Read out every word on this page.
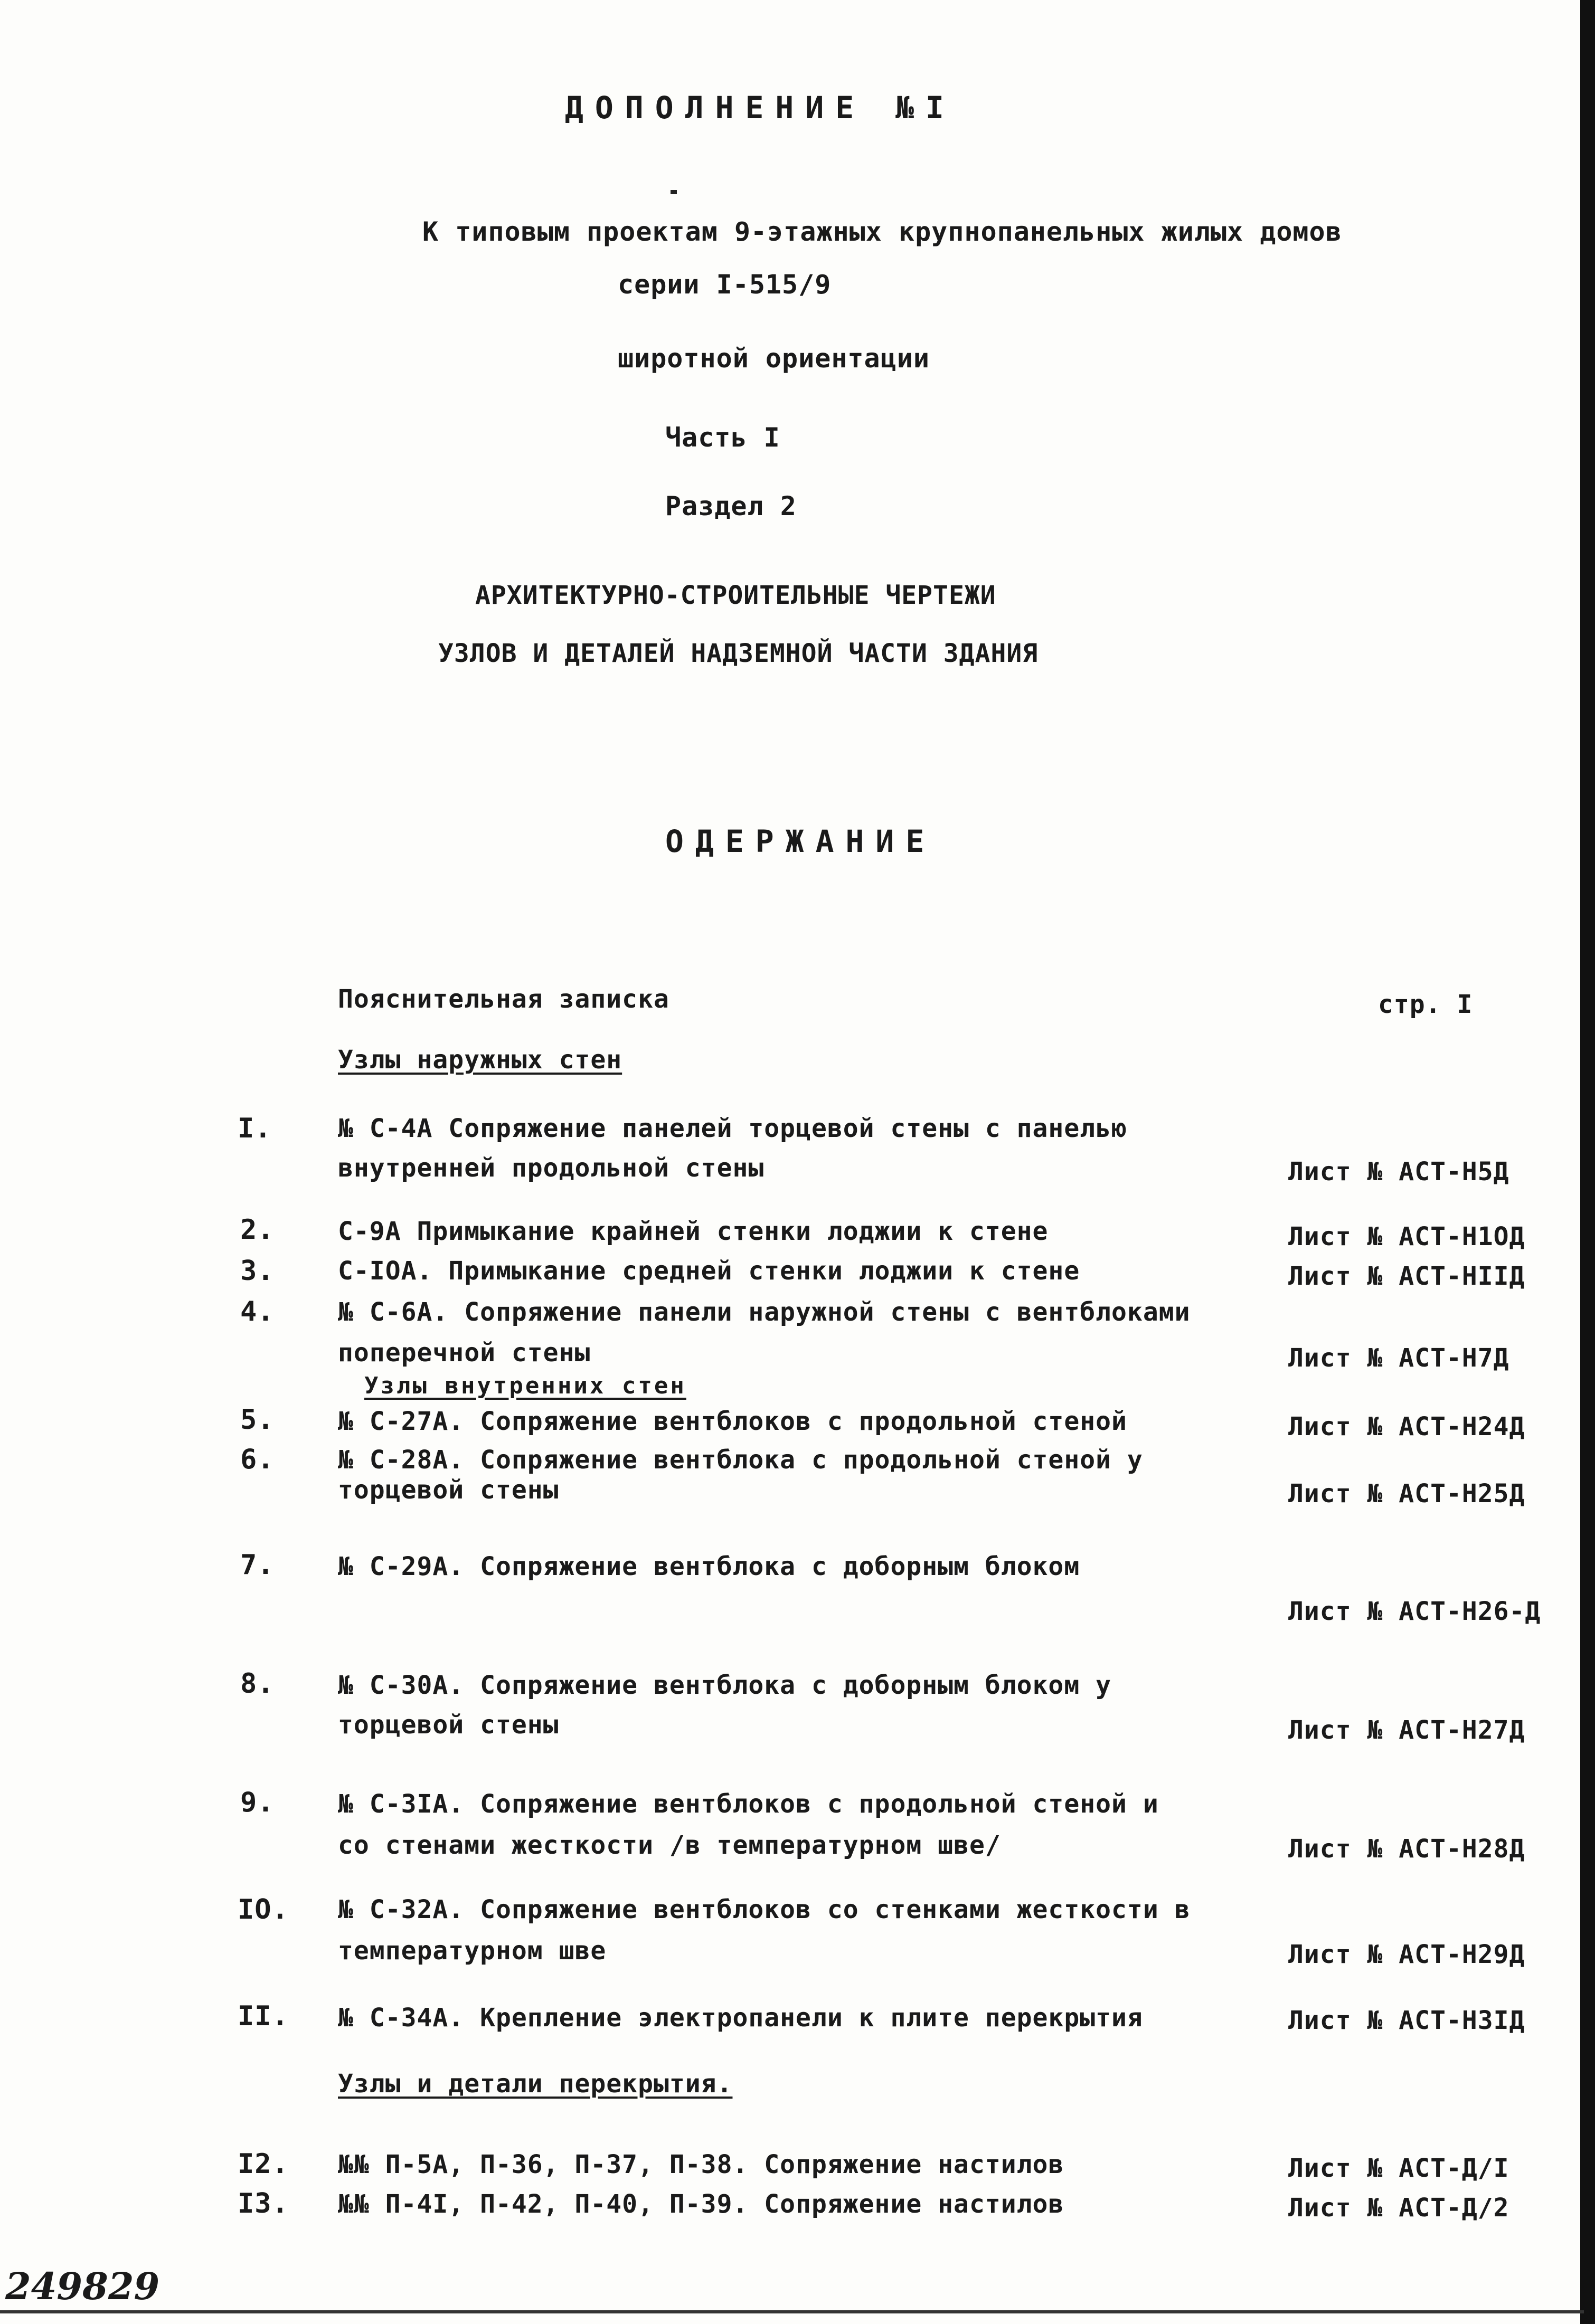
ДОПОЛНЕНИЕ №I
К типовым проектам 9-этажных крупнопанельных жилых домов
серии I-515/9
широтной ориентации
Часть I
Раздел 2
АРХИТЕКТУРНО-СТРОИТЕЛЬНЫЕ ЧЕРТЕЖИ
УЗЛОВ И ДЕТАЛЕЙ НАДЗЕМНОЙ ЧАСТИ ЗДАНИЯ
ОДЕРЖАНИЕ
Пояснительная записка	стр. I
Узлы наружных стен
I.	№ С-4А Сопряжение панелей торцевой стены с панелью
внутренней продольной стены	Лист № АСТ-Н5Д
2.	С-9А Примыкание крайней стенки лоджии к стене	Лист № АСТ-Н1ОД
3.	С-IОА. Примыкание средней стенки лоджии к стене	Лист № АСТ-НIIД
4.	№ С-6А. Сопряжение панели наружной стены с вентблоками
поперечной стены	Лист № АСТ-Н7Д
Узлы внутренних стен
5.	№ С-27А. Сопряжение вентблоков с продольной стеной	Лист № АСТ-Н24Д
6.	№ С-28А. Сопряжение вентблока с продольной стеной у
торцевой стены	Лист № АСТ-Н25Д
7.	№ С-29А. Сопряжение вентблока с доборным блоком
Лист № АСТ-Н26-Д
8.	№ С-30А. Сопряжение вентблока с доборным блоком у
торцевой стены	Лист № АСТ-Н27Д
9.	№ С-3IА. Сопряжение вентблоков с продольной стеной и
со стенами жесткости /в температурном шве/	Лист № АСТ-Н28Д
IO. № С-32А. Сопряжение вентблоков со стенками жесткости в
температурном шве	Лист № АСТ-Н29Д
II. № С-34А. Крепление электропанели к плите перекрытия	Лист № АСТ-Н3IД
Узлы и детали перекрытия.
I2. №№ П-5А, П-36, П-37, П-38. Сопряжение настилов	Лист № АСТ-Д/I
I3. №№ П-4I, П-42, П-40, П-39. Сопряжение настилов	Лист № АСТ-Д/2
249829
